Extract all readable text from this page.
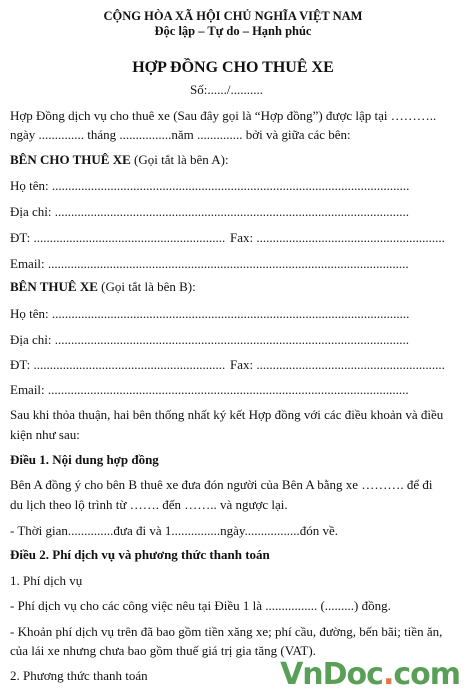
CỘNG HÒA XÃ HỘI CHỦ NGHĨA VIỆT NAM
Độc lập – Tự do – Hạnh phúc
HỢP ĐỒNG CHO THUÊ XE
Số:....../..........
Hợp Đồng dịch vụ cho thuê xe (Sau đây gọi là “Hợp đồng”) được lập tại ………..
ngày .............. tháng ................năm .............. bởi và giữa các bên:
BÊN CHO THUÊ XE (Gọi tắt là bên A):
Họ tên: ..............................................................................................................
Địa chỉ: .............................................................................................................
ĐT: ........................................................... Fax: ..........................................................
Email: ...............................................................................................................
BÊN THUÊ XE (Gọi tắt là bên B):
Họ tên: ..............................................................................................................
Địa chỉ: .............................................................................................................
ĐT: ........................................................... Fax: ..........................................................
Email: ...............................................................................................................
Sau khi thỏa thuận, hai bên thống nhất ký kết Hợp đồng với các điều khoản và điều
kiện như sau:
Điều 1. Nội dung hợp đồng
Bên A đồng ý cho bên B thuê xe đưa đón người của Bên A bằng xe ………. để đi
du lịch theo lộ trình từ ……. đến …….. và ngược lại.
- Thời gian..............đưa đi và 1...............ngày.................đón về.
Điều 2. Phí dịch vụ và phương thức thanh toán
1. Phí dịch vụ
- Phí dịch vụ cho các công việc nêu tại Điều 1 là ................ (.........) đồng.
- Khoản phí dịch vụ trên đã bao gồm tiền xăng xe; phí cầu, đường, bến bãi; tiền ăn,
của lái xe nhưng chưa bao gồm thuế giá trị gia tăng (VAT).
2. Phương thức thanh toán	VnDoc.com
